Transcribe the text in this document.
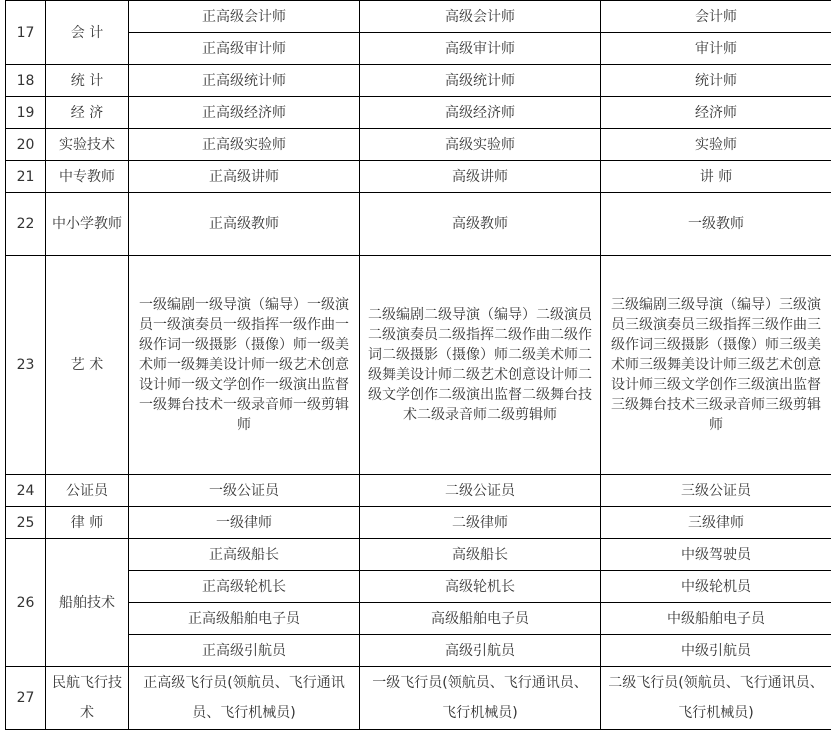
17	会 计	正高级会计师	高级会计师	会计师
		正高级审计师	高级审计师	审计师
18	统 计	正高级统计师	高级统计师	统计师
19	经 济	正高级经济师	高级经济师	经济师
20	实验技术	正高级实验师	高级实验师	实验师
21	中专教师	正高级讲师	高级讲师	讲 师
22	中小学教师	正高级教师	高级教师	一级教师
23	艺 术	一级编剧一级导演（编导）一级演员一级演奏员一级指挥一级作曲一级作词一级摄影（摄像）师一级美术师一级舞美设计师一级艺术创意设计师一级文学创作一级演出监督一级舞台技术一级录音师一级剪辑师	二级编剧二级导演（编导）二级演员二级演奏员二级指挥二级作曲二级作词二级摄影（摄像）师二级美术师二级舞美设计师二级艺术创意设计师二级文学创作二级演出监督二级舞台技术二级录音师二级剪辑师	三级编剧三级导演（编导）三级演员三级演奏员三级指挥三级作曲三级作词三级摄影（摄像）师三级美术师三级舞美设计师三级艺术创意设计师三级文学创作三级演出监督三级舞台技术三级录音师三级剪辑师
24	公证员	一级公证员	二级公证员	三级公证员
25	律 师	一级律师	二级律师	三级律师
26	船舶技术	正高级船长	高级船长	中级驾驶员
		正高级轮机长	高级轮机长	中级轮机员
		正高级船舶电子员	高级船舶电子员	中级船舶电子员
		正高级引航员	高级引航员	中级引航员
27	民航飞行技术	正高级飞行员(领航员、飞行通讯员、飞行机械员)	一级飞行员(领航员、飞行通讯员、飞行机械员)	二级飞行员(领航员、飞行通讯员、飞行机械员)
